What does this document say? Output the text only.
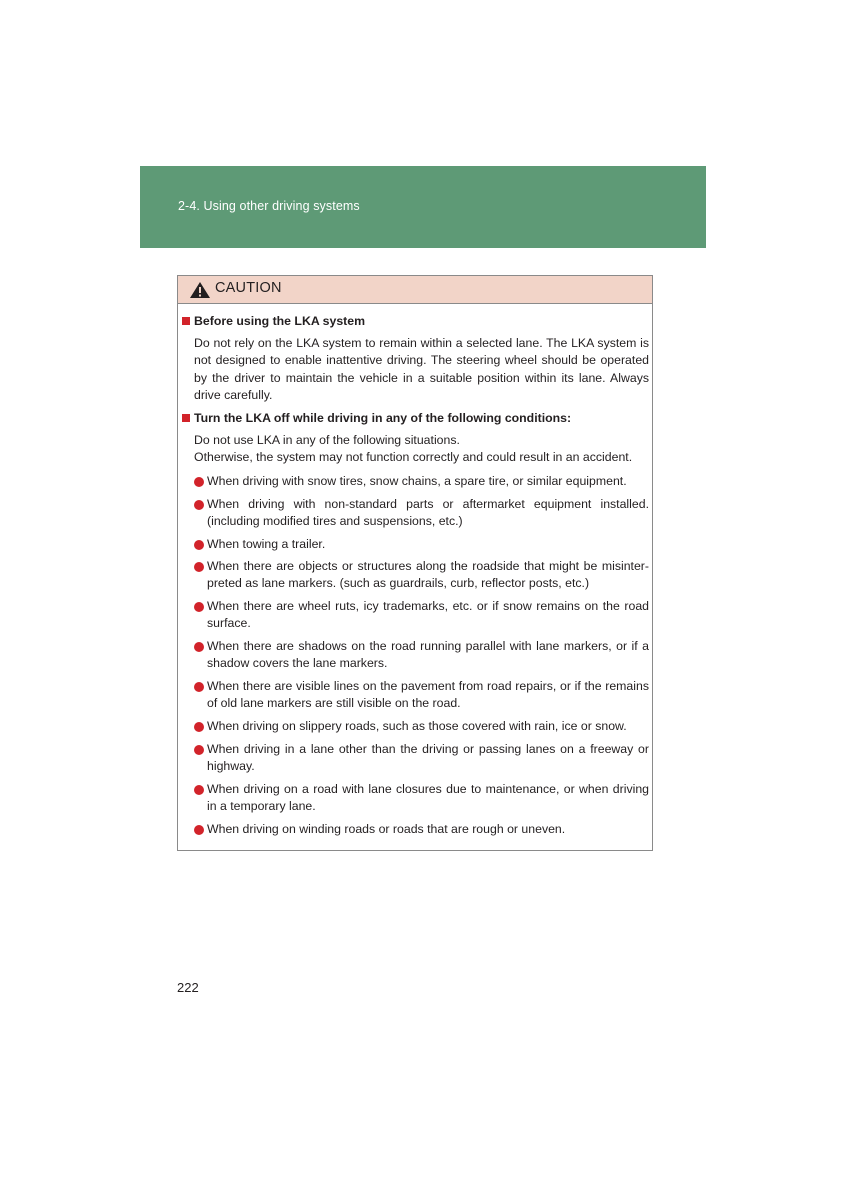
2-4. Using other driving systems
CAUTION
Before using the LKA system
Do not rely on the LKA system to remain within a selected lane. The LKA system is not designed to enable inattentive driving. The steering wheel should be operated by the driver to maintain the vehicle in a suitable position within its lane. Always drive carefully.
Turn the LKA off while driving in any of the following conditions:
Do not use LKA in any of the following situations.
Otherwise, the system may not function correctly and could result in an accident.
When driving with snow tires, snow chains, a spare tire, or similar equipment.
When driving with non-standard parts or aftermarket equipment installed. (including modified tires and suspensions, etc.)
When towing a trailer.
When there are objects or structures along the roadside that might be misinter-preted as lane markers. (such as guardrails, curb, reflector posts, etc.)
When there are wheel ruts, icy trademarks, etc. or if snow remains on the road surface.
When there are shadows on the road running parallel with lane markers, or if a shadow covers the lane markers.
When there are visible lines on the pavement from road repairs, or if the remains of old lane markers are still visible on the road.
When driving on slippery roads, such as those covered with rain, ice or snow.
When driving in a lane other than the driving or passing lanes on a freeway or highway.
When driving on a road with lane closures due to maintenance, or when driving in a temporary lane.
When driving on winding roads or roads that are rough or uneven.
222
